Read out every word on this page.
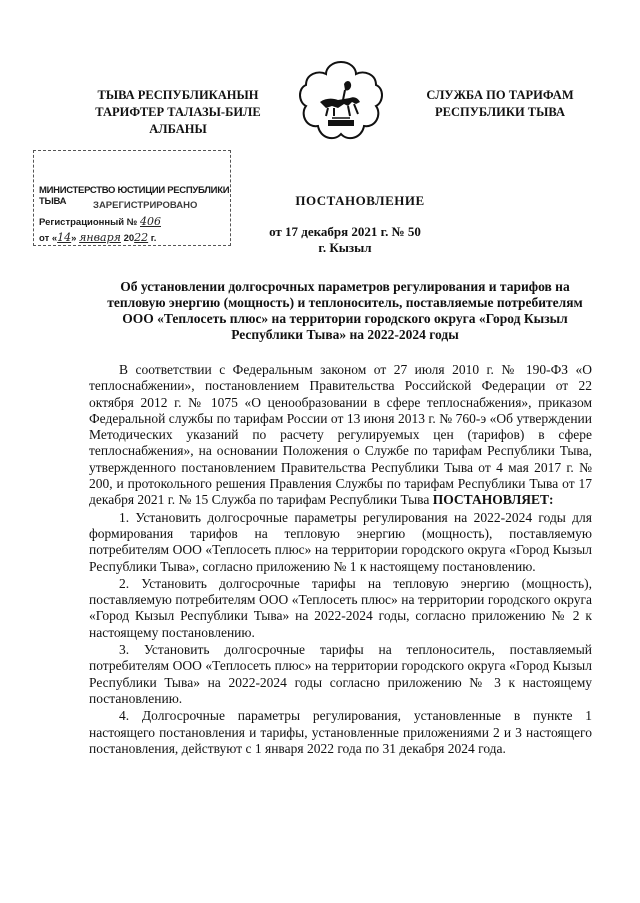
ТЫВА РЕСПУБЛИКАНЫН ТАРИФТЕР ТАЛАЗЫ-БИЛЕ АЛБАНЫ
СЛУЖБА ПО ТАРИФАМ РЕСПУБЛИКИ ТЫВА
МИНИСТЕРСТВО ЮСТИЦИИ РЕСПУБЛИКИ ТЫВА	ЗАРЕГИСТРИРОВАНО
Регистрационный № 406
от «14» января 2022 г.
ПОСТАНОВЛЕНИЕ
от 17 декабря 2021 г. № 50
г. Кызыл
Об установлении долгосрочных параметров регулирования и тарифов на тепловую энергию (мощность) и теплоноситель, поставляемые потребителям ООО «Теплосеть плюс» на территории городского округа «Город Кызыл Республики Тыва» на 2022-2024 годы

В соответствии с Федеральным законом от 27 июля 2010 г. № 190-ФЗ «О теплоснабжении», постановлением Правительства Российской Федерации от 22 октября 2012 г. № 1075 «О ценообразовании в сфере теплоснабжения», приказом Федеральной службы по тарифам России от 13 июня 2013 г. № 760-э «Об утверждении Методических указаний по расчету регулируемых цен (тарифов) в сфере теплоснабжения», на основании Положения о Службе по тарифам Республики Тыва, утвержденного постановлением Правительства Республики Тыва от 4 мая 2017 г. № 200, и протокольного решения Правления Службы по тарифам Республики Тыва от 17 декабря 2021 г. № 15 Служба по тарифам Республики Тыва ПОСТАНОВЛЯЕТ:

1. Установить долгосрочные параметры регулирования на 2022-2024 годы для формирования тарифов на тепловую энергию (мощность), поставляемую потребителям ООО «Теплосеть плюс» на территории городского округа «Город Кызыл Республики Тыва», согласно приложению № 1 к настоящему постановлению.

2. Установить долгосрочные тарифы на тепловую энергию (мощность), поставляемую потребителям ООО «Теплосеть плюс» на территории городского округа «Город Кызыл Республики Тыва» на 2022-2024 годы, согласно приложению № 2 к настоящему постановлению.

3. Установить долгосрочные тарифы на теплоноситель, поставляемый потребителям ООО «Теплосеть плюс» на территории городского округа «Город Кызыл Республики Тыва» на 2022-2024 годы согласно приложению № 3 к настоящему постановлению.

4. Долгосрочные параметры регулирования, установленные в пункте 1 настоящего постановления и тарифы, установленные приложениями 2 и 3 настоящего постановления, действуют с 1 января 2022 года по 31 декабря 2024 года.
